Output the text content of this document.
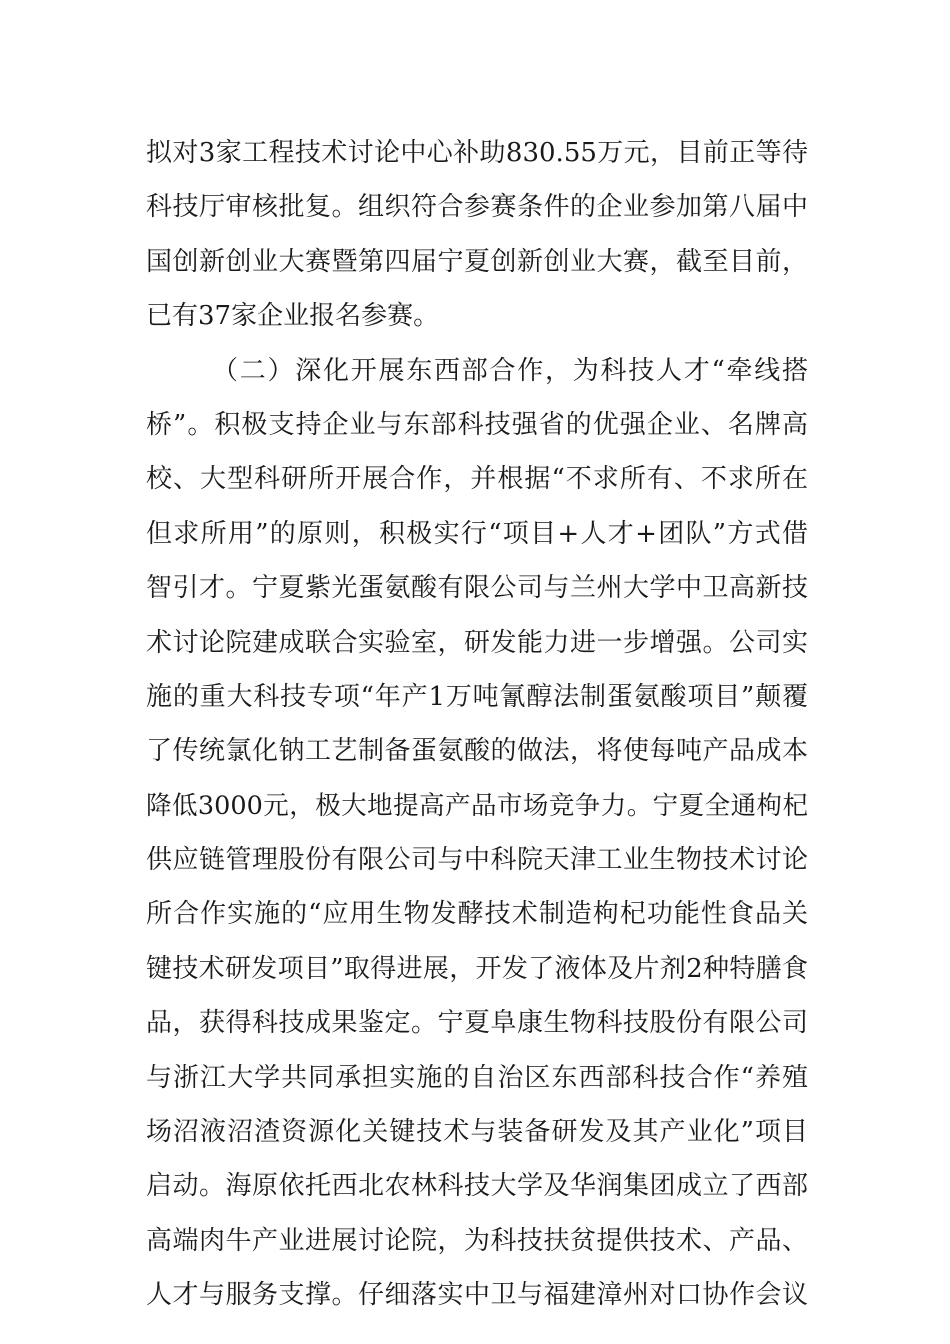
拟对3家工程技术讨论中心补助830.55万元，目前正等待
科技厅审核批复。组织符合参赛条件的企业参加第八届中
国创新创业大赛暨第四届宁夏创新创业大赛，截至目前，
已有37家企业报名参赛。
（二）深化开展东西部合作，为科技人才“牵线搭
桥”。积极支持企业与东部科技强省的优强企业、名牌高
校、大型科研所开展合作，并根据“不求所有、不求所在
但求所用”的原则，积极实行“项目+人才+团队”方式借
智引才。宁夏紫光蛋氨酸有限公司与兰州大学中卫高新技
术讨论院建成联合实验室，研发能力进一步增强。公司实
施的重大科技专项“年产1万吨氰醇法制蛋氨酸项目”颠覆
了传统氯化钠工艺制备蛋氨酸的做法，将使每吨产品成本
降低3000元，极大地提高产品市场竞争力。宁夏全通枸杞
供应链管理股份有限公司与中科院天津工业生物技术讨论
所合作实施的“应用生物发酵技术制造枸杞功能性食品关
键技术研发项目”取得进展，开发了液体及片剂2种特膳食
品，获得科技成果鉴定。宁夏阜康生物科技股份有限公司
与浙江大学共同承担实施的自治区东西部科技合作“养殖
场沼液沼渣资源化关键技术与装备研发及其产业化”项目
启动。海原依托西北农林科技大学及华润集团成立了西部
高端肉牛产业进展讨论院，为科技扶贫提供技术、产品、
人才与服务支撑。仔细落实中卫与福建漳州对口协作会议
